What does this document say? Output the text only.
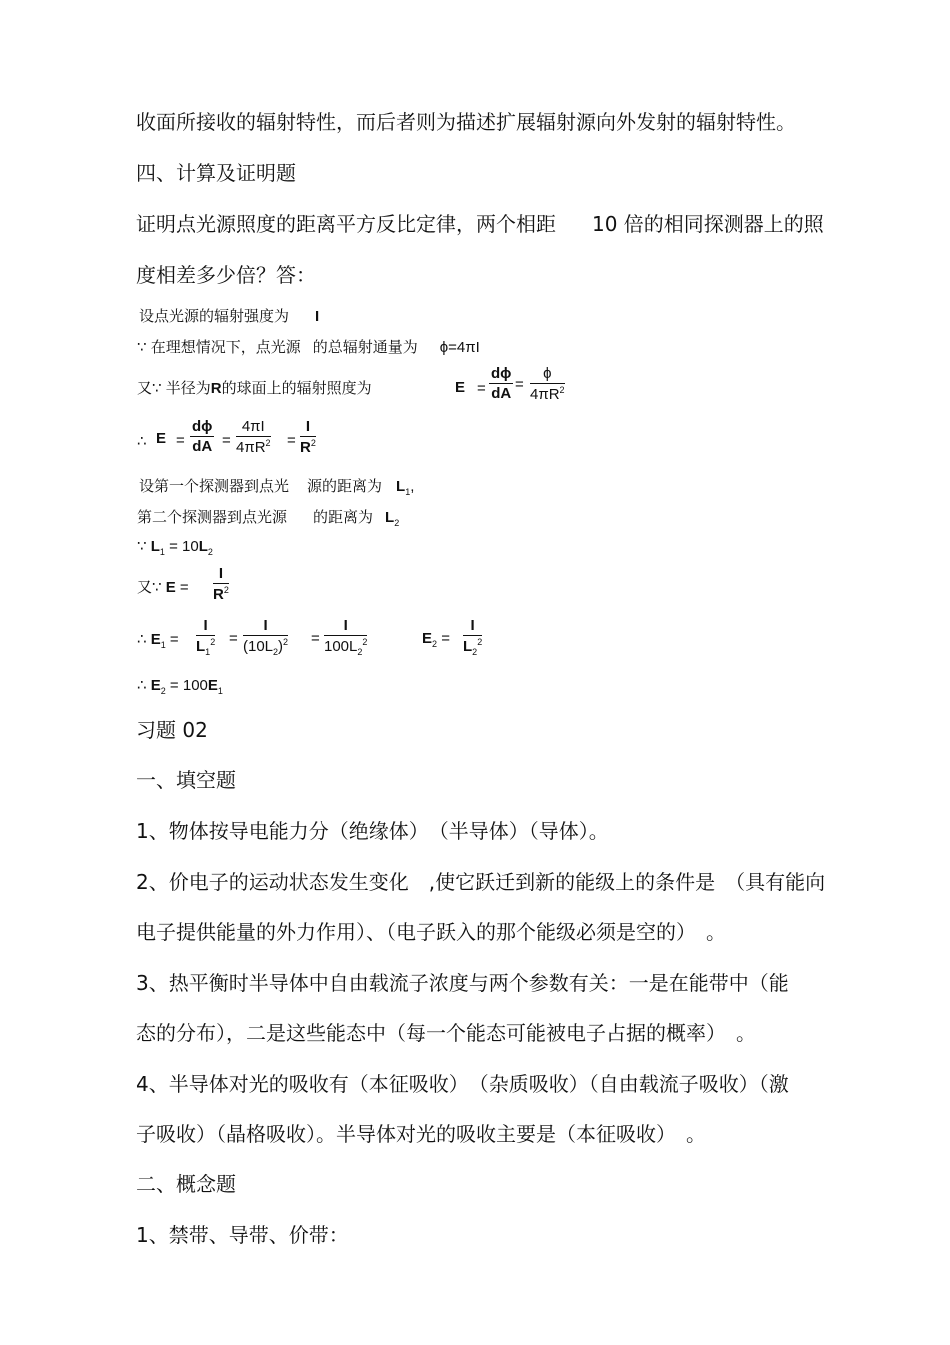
收面所接收的辐射特性，而后者则为描述扩展辐射源向外发射的辐射特性。
四、计算及证明题
证明点光源照度的距离平方反比定律，两个相距 10 倍的相同探测器上的照
度相差多少倍？答：
设点光源的辐射强度为 I
∵ 在理想情况下，点光源 的总辐射通量为 ϕ=4πI
又∵ 半径为R的球面上的辐射照度为	$E = \frac{d\phi}{dA} = \frac{\phi}{4\pi R^2}$
∴ $E = \frac{d\phi}{dA} = \frac{4\pi I}{4\pi R^2} = \frac{I}{R^2}$
设第一个探测器到点光 源的距离为 $L_1$,
第二个探测器到点光源 的距离为 $L_2$
∵ $L_1 = 10L_2$
又∵ $E = \frac{I}{R^2}$
∴ $E_1 = \frac{I}{L_1^2} = \frac{I}{(10L_2)^2} = \frac{I}{100L_2^2}$	$E_2 = \frac{I}{L_2^2}$
∴ $E_2 = 100E_1$
习题 02
一、填空题
1、物体按导电能力分（绝缘体）　（半导体）（导体）。
2、价电子的运动状态发生变化　,使它跃迁到新的能级上的条件是　（具有能向
电子提供能量的外力作用）、（电子跃入的那个能级必须是空的）　。
3、热平衡时半导体中自由载流子浓度与两个参数有关：一是在能带中（能
态的分布），二是这些能态中（每一个能态可能被电子占据的概率）　。
4、半导体对光的吸收有（本征吸收）　（杂质吸收）（自由载流子吸收）（激
子吸收）（晶格吸收）。半导体对光的吸收主要是（本征吸收）　。
二、概念题
1、禁带、导带、价带：
